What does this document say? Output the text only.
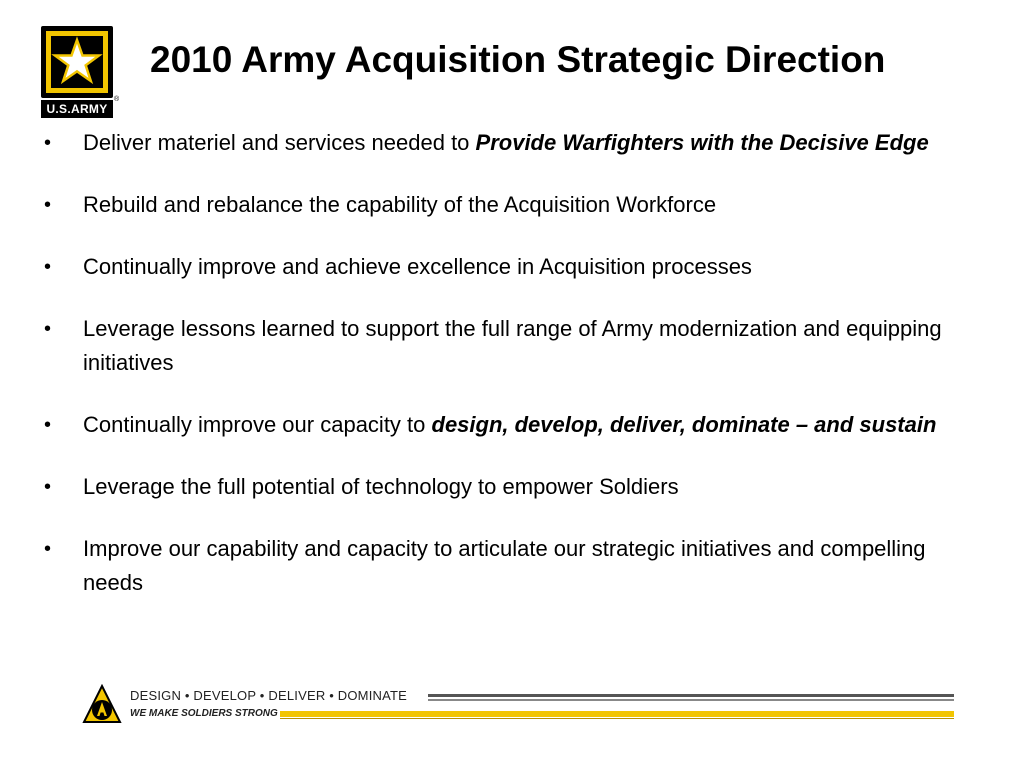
U.S.ARMY
®
2010 Army Acquisition Strategic Direction
• Deliver materiel and services needed to Provide Warfighters with the Decisive Edge
• Rebuild and rebalance the capability of the Acquisition Workforce
• Continually improve and achieve excellence in Acquisition processes
• Leverage lessons learned to support the full range of Army modernization and equipping initiatives
• Continually improve our capacity to design, develop, deliver, dominate – and sustain
• Leverage the full potential of technology to empower Soldiers
• Improve our capability and capacity to articulate our strategic initiatives and compelling needs
DESIGN • DEVELOP • DELIVER • DOMINATE
WE MAKE SOLDIERS STRONG
